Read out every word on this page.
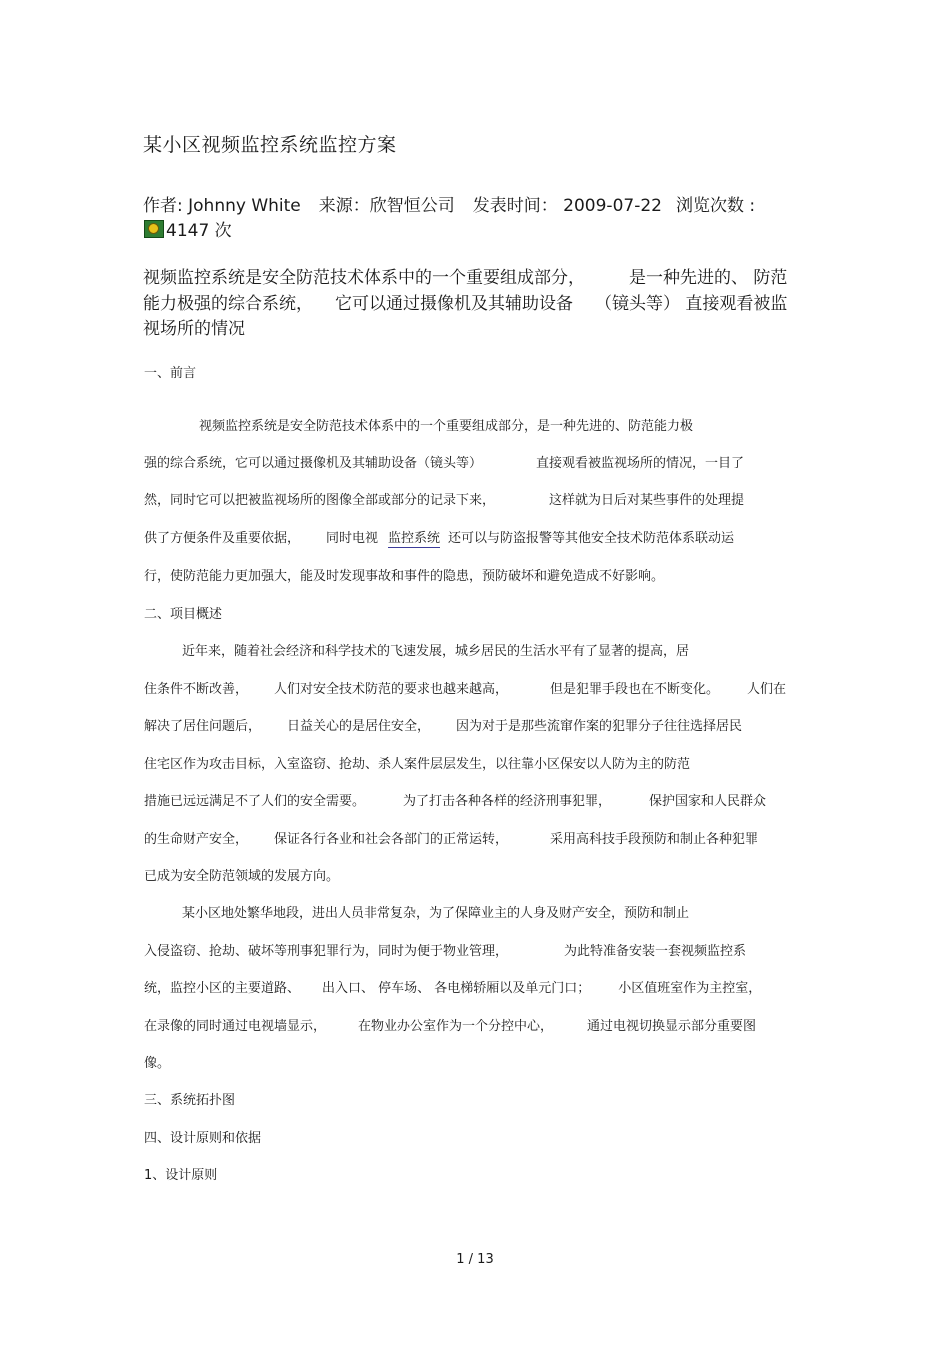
某小区视频监控系统监控方案
作者: Johnny White 来源：欣智恒公司 发表时间： 2009-07-22 浏览次数 :
4147 次
视频监控系统是安全防范技术体系中的一个重要组成部分，	是一种先进的、 防范
能力极强的综合系统， 它可以通过摄像机及其辅助设备 （镜头等） 直接观看被监
视场所的情况
一、前言
视频监控系统是安全防范技术体系中的一个重要组成部分，是一种先进的、防范能力极
强的综合系统，它可以通过摄像机及其辅助设备（镜头等）	直接观看被监视场所的情况，一目了
然，同时它可以把被监视场所的图像全部或部分的记录下来，	这样就为日后对某些事件的处理提
供了方便条件及重要依据， 同时电视 监控系统 还可以与防盗报警等其他安全技术防范体系联动运
行，使防范能力更加强大，能及时发现事故和事件的隐患，预防破坏和避免造成不好影响。
二、项目概述
近年来，随着社会经济和科学技术的飞速发展，城乡居民的生活水平有了显著的提高，居
住条件不断改善， 人们对安全技术防范的要求也越来越高，	但是犯罪手段也在不断变化。 人们在
解决了居住问题后， 日益关心的是居住安全， 因为对于是那些流窜作案的犯罪分子往往选择居民
住宅区作为攻击目标，入室盗窃、抢劫、杀人案件层层发生，以往靠小区保安以人防为主的防范
措施已远远满足不了人们的安全需要。	为了打击各种各样的经济刑事犯罪，	保护国家和人民群众
的生命财产安全， 保证各行各业和社会各部门的正常运转，	采用高科技手段预防和制止各种犯罪
已成为安全防范领域的发展方向。
某小区地处繁华地段，进出人员非常复杂，为了保障业主的人身及财产安全，预防和制止
入侵盗窃、抢劫、破坏等刑事犯罪行为，同时为便于物业管理，	为此特准备安装一套视频监控系
统，监控小区的主要道路、 出入口、 停车场、 各电梯轿厢以及单元门口； 小区值班室作为主控室，
在录像的同时通过电视墙显示， 在物业办公室作为一个分控中心，	通过电视切换显示部分重要图
像。
三、系统拓扑图
四、设计原则和依据
1、设计原则
1 / 13
